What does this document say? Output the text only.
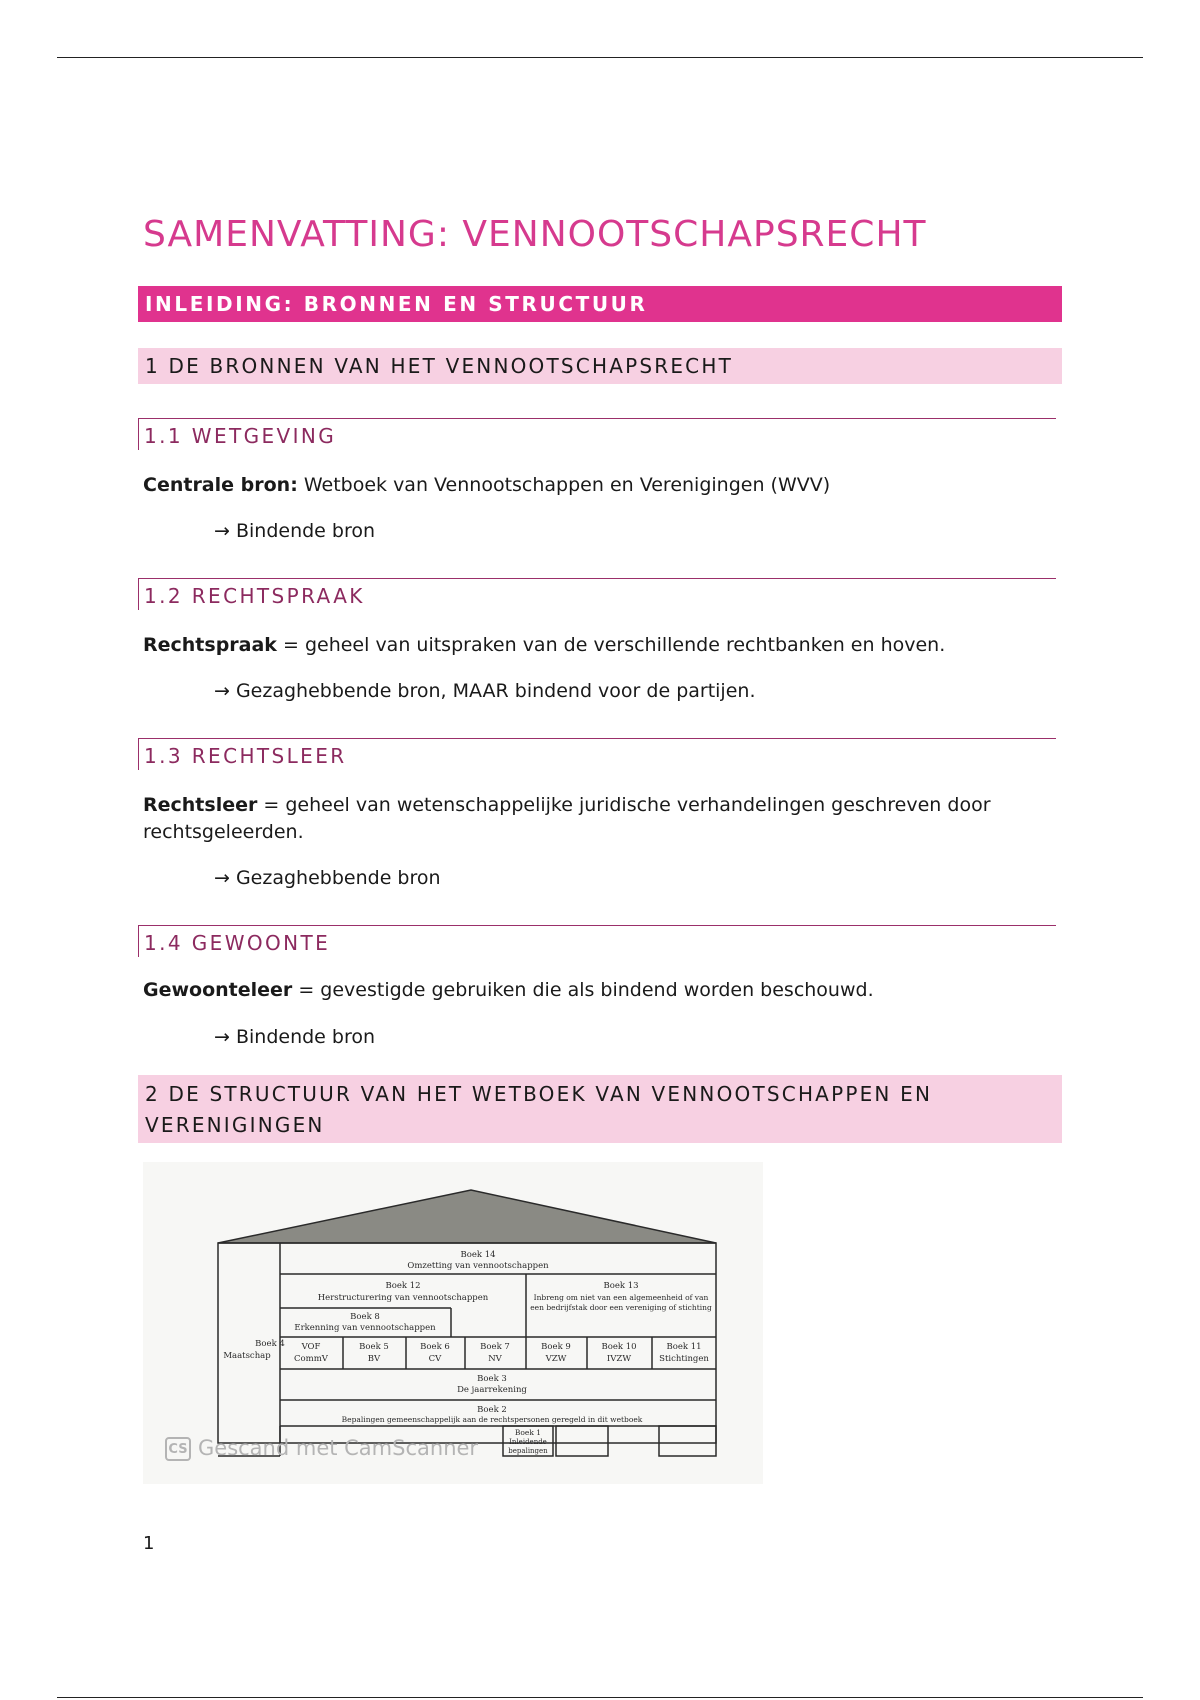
SAMENVATTING: VENNOOTSCHAPSRECHT
INLEIDING: BRONNEN EN STRUCTUUR
1 DE BRONNEN VAN HET VENNOOTSCHAPSRECHT
1.1 WETGEVING

Centrale bron: Wetboek van Vennootschappen en Verenigingen (WVV)

→ Bindende bron

1.2 RECHTSPRAAK

Rechtspraak = geheel van uitspraken van de verschillende rechtbanken en hoven.

→ Gezaghebbende bron, MAAR bindend voor de partijen.

1.3 RECHTSLEER

Rechtsleer = geheel van wetenschappelijke juridische verhandelingen geschreven door rechtsgeleerden.

→ Gezaghebbende bron

1.4 GEWOONTE

Gewoonteleer = gevestigde gebruiken die als bindend worden beschouwd.

→ Bindende bron

2 DE STRUCTUUR VAN HET WETBOEK VAN VENNOOTSCHAPPEN EN VERENIGINGEN
Boek 14
Omzetting van vennootschappen
Boek 12
Herstructurering van vennootschappen
Boek 13
Inbreng om niet van een algemeenheid of van
een bedrijfstak door een vereniging of stichting
Boek 8
Erkenning van vennootschappen
Boek 4
Maatschap
VOF
CommV
Boek 5
BV
Boek 6
CV
Boek 7
NV
Boek 9
VZW
Boek 10
IVZW
Boek 11
Stichtingen
Boek 3
De jaarrekening
Boek 2
Bepalingen gemeenschappelijk aan de rechtspersonen geregeld in dit wetboek
Boek 1
Inleidende
bepalingen
CS Gescand met CamScanner
1
